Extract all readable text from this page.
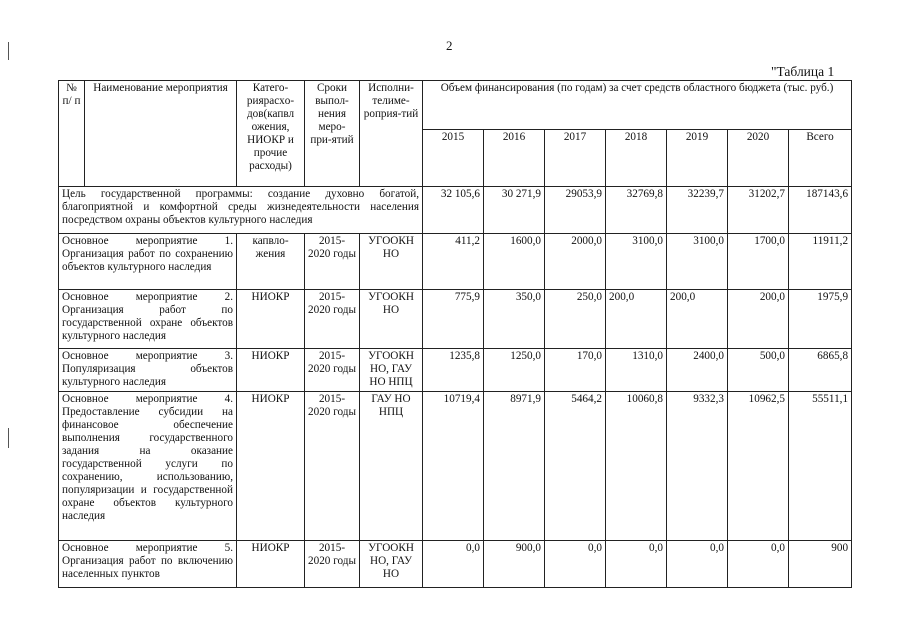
2
"Таблица 1
№ п/ п	Наименование мероприятия	Катего-рияpacxo-дов(капвл ожения, НИОКР и прочие расходы)	Сроки выпол-нения меро-при-ятий	Исполни-телиме-роприя-тий	Объем финансирования (по годам) за счет средств областного бюджета (тыс. руб.)						
					2015	2016	2017	2018	2019	2020	Всего
Цель государственной программы: создание духовно богатой, благоприятной и комфортной среды жизнедеятельности населения посредством охраны объектов культурного наследия					32 105,6	30 271,9	29053,9	32769,8	32239,7	31202,7	187143,6
Основное мероприятие 1. Организация работ по сохранению объектов культурного наследия		капвло-жения	2015-2020 годы	УГООКН НО	411,2	1600,0	2000,0	3100,0	3100,0	1700,0	11911,2
Основное мероприятие 2. Организация работ по государственной охране объектов культурного наследия		НИОКР	2015-2020 годы	УГООКН НО	775,9	350,0	250,0	200,0	200,0	200,0	1975,9
Основное мероприятие 3. Популяризация объектов культурного наследия		НИОКР	2015-2020 годы	УГООКН НО, ГАУ НО НПЦ	1235,8	1250,0	170,0	1310,0	2400,0	500,0	6865,8
Основное мероприятие 4. Предоставление субсидии на финансовое обеспечение выполнения государственного задания на оказание государственной услуги по сохранению, использованию, популяризации и государственной охране объектов культурного наследия		НИОКР	2015-2020 годы	ГАУ НО НПЦ	10719,4	8971,9	5464,2	10060,8	9332,3	10962,5	55511,1
Основное мероприятие 5. Организация работ по включению населенных пунктов		НИОКР	2015-2020 годы	УГООКН НО, ГАУ НО	0,0	900,0	0,0	0,0	0,0	0,0	900
